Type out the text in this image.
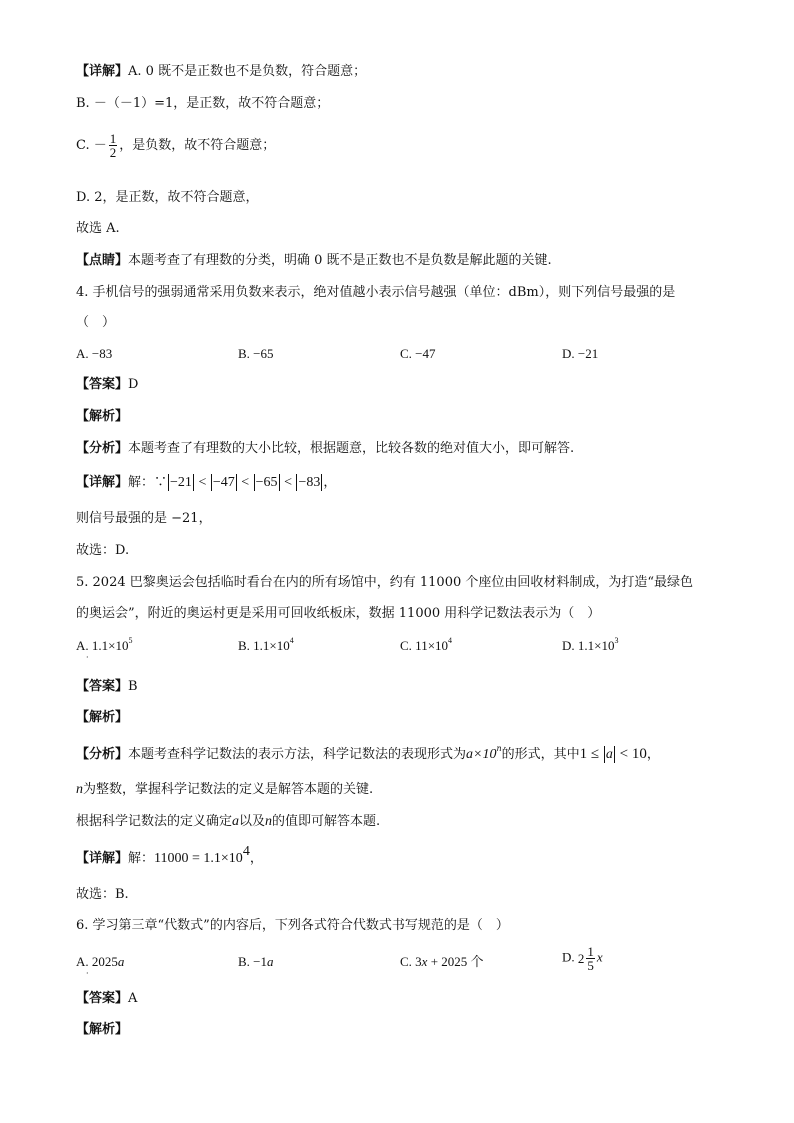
【详解】A. 0 既不是正数也不是负数，符合题意；
B. －（－1）=1，是正数，故不符合题意；
C. － $\frac{1}{2}$ ，是负数，故不符合题意；
D. 2，是正数，故不符合题意，
故选 A.
【点睛】本题考查了有理数的分类，明确 0 既不是正数也不是负数是解此题的关键.
4. 手机信号的强弱通常采用负数来表示，绝对值越小表示信号越强（单位：dBm），则下列信号最强的是
（　）
A. −83	B. −65	C. −47	D. −21
【答案】D
【解析】
【分析】本题考查了有理数的大小比较，根据题意，比较各数的绝对值大小，即可解答.
【详解】解：∵ −21 < −47 < −65 < −83 ，
则信号最强的是 −21，
故选：D.
5. 2024 巴黎奥运会包括临时看台在内的所有场馆中，约有 11000 个座位由回收材料制成，为打造“最绿色
的奥运会”，附近的奥运村更是采用可回收纸板床，数据 11000 用科学记数法表示为（　）
A. $1.1\times 10^5$	B. $1.1\times 10^4$	C. $11\times 10^4$	D. $1.1\times 10^3$
·
【答案】B
【解析】
【分析】本题考查科学记数法的表示方法，科学记数法的表现形式为$a\times 10^n$的形式，其中1 ≤ a < 10，
n为整数，掌握科学记数法的定义是解答本题的关键.
根据科学记数法的定义确定a以及n的值即可解答本题.
【详解】解：$11000 = 1.1\times 10^4$，
故选：B.
6. 学习第三章“代数式”的内容后，下列各式符合代数式书写规范的是（　）
A. 2025a
·
B. −1a	C. 3x + 2025 个	D. $2 \frac{1}{5}$ x
【答案】A
【解析】
